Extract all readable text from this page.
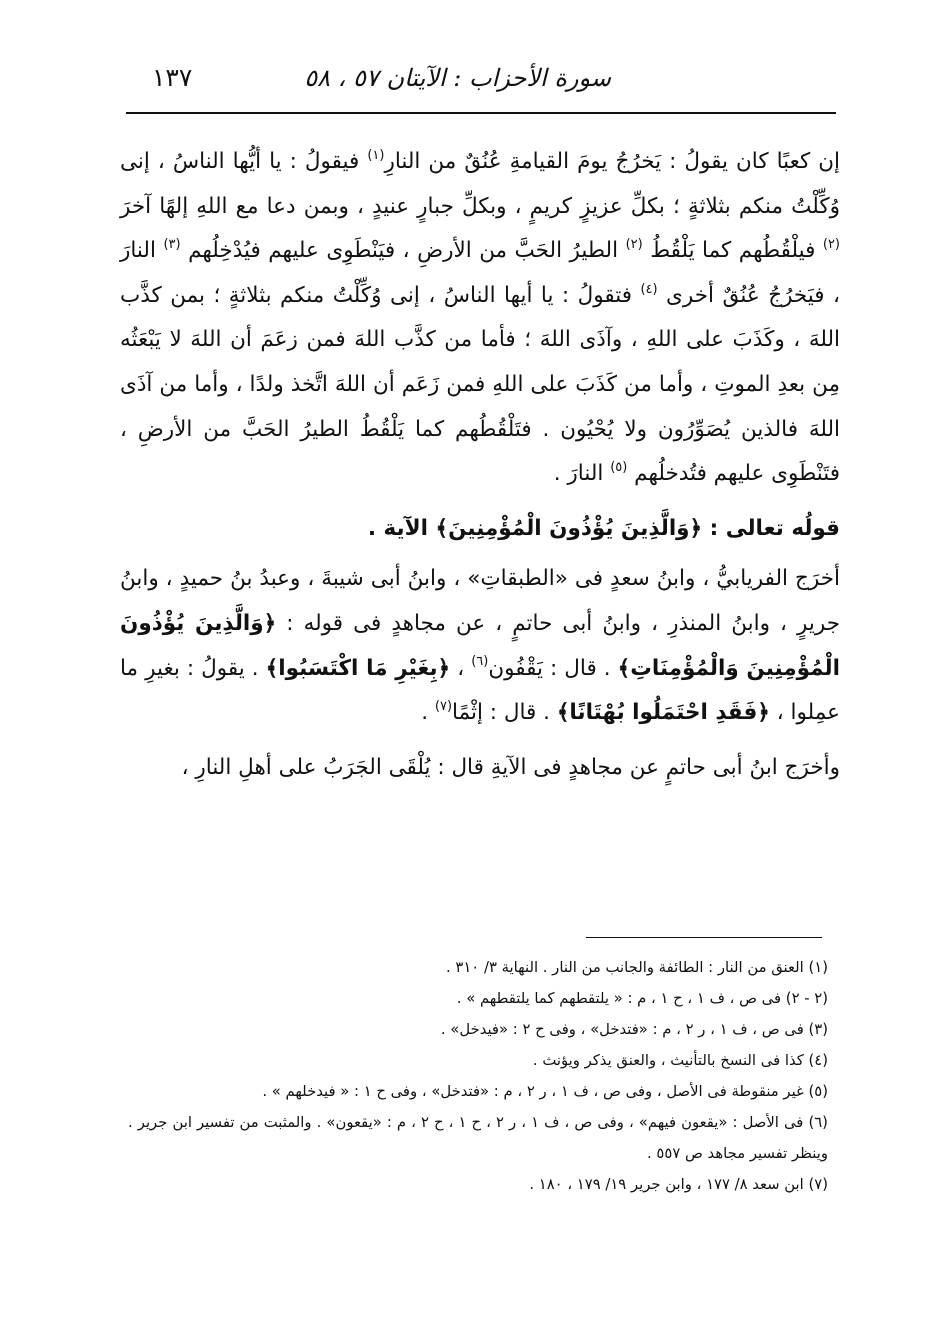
سورة الأحزاب : الآيتان ٥٧ ، ٥٨
١٣٧

إن كعبًا كان يقولُ : يَخرُجُ يومَ القيامةِ عُنُقٌ من النارِ$^{(١)}$ فيقولُ : يا أيُّها الناسُ ، إنى وُكِّلْتُ منكم بثلاثةٍ ؛ بكلِّ عزيزٍ كريمٍ ، وبكلِّ جبارٍ عنيدٍ ، وبمن دعا مع اللهِ إلهًا آخرَ $^{(٢)}$ فيلْقُطُهم كما يَلْقُطُ $^{(٢)}$ الطيرُ الحَبَّ من الأرضِ ، فيَنْطَوِى عليهم فيُدْخِلُهم $^{(٣)}$ النارَ ، فيَخرُجُ عُنُقٌ أخرى $^{(٤)}$ فتقولُ : يا أيها الناسُ ، إنى وُكِّلْتُ منكم بثلاثةٍ ؛ بمن كذَّب اللهَ ، وكَذَبَ على اللهِ ، وآذَى اللهَ ؛ فأما من كذَّب اللهَ فمن زعَمَ أن اللهَ لا يَبْعَثُه مِن بعدِ الموتِ ، وأما من كَذَبَ على اللهِ فمن زَعَم أن اللهَ اتَّخذ ولدًا ، وأما من آذَى اللهَ فالذين يُصَوِّرُون ولا يُحْيُون . فتَلْقُطُهم كما يَلْقُطُ الطيرُ الحَبَّ من الأرضِ ، فتَنْطَوِى عليهم فتُدخلُهم $^{(٥)}$ النارَ .

قولُه تعالى : ﴿وَالَّذِينَ يُؤْذُونَ الْمُؤْمِنِينَ﴾ الآية .

أخرَج الفريابيُّ ، وابنُ سعدٍ فى «الطبقاتِ» ، وابنُ أبى شيبةَ ، وعبدُ بنُ حميدٍ ، وابنُ جريرٍ ، وابنُ المنذرِ ، وابنُ أبى حاتمٍ ، عن مجاهدٍ فى قوله : ﴿وَالَّذِينَ يُؤْذُونَ الْمُؤْمِنِينَ وَالْمُؤْمِنَاتِ﴾ . قال : يَقْفُون$^{(٦)}$ ، ﴿بِغَيْرِ مَا اكْتَسَبُوا﴾ . يقولُ : بغيرِ ما عمِلوا ، ﴿فَقَدِ احْتَمَلُوا بُهْتَانًا﴾ . قال : إثْمًا$^{(٧)}$ .

وأخرَج ابنُ أبى حاتمٍ عن مجاهدٍ فى الآيةِ قال : يُلْقَى الجَرَبُ على أهلِ النارِ ،

(١) العنق من النار : الطائفة والجانب من النار . النهاية ٣/ ٣١٠ .

(٢ - ٢) فى ص ، ف ١ ، ح ١ ، م : « يلتقطهم كما يلتقطهم » .

(٣) فى ص ، ف ١ ، ر ٢ ، م : «فتدخل» ، وفى ح ٢ : «فيدخل» .

(٤) كذا فى النسخ بالتأنيث ، والعنق يذكر ويؤنث .

(٥) غير منقوطة فى الأصل ، وفى ص ، ف ١ ، ر ٢ ، م : «فتدخل» ، وفى ح ١ : « فيدخلهم » .

(٦) فى الأصل : «يقعون فيهم» ، وفى ص ، ف ١ ، ر ٢ ، ح ١ ، ح ٢ ، م : «يقعون» . والمثبت من تفسير ابن جرير . وينظر تفسير مجاهد ص ٥٥٧ .

(٧) ابن سعد ٨/ ١٧٧ ، وابن جرير ١٩/ ١٧٩ ، ١٨٠ .
